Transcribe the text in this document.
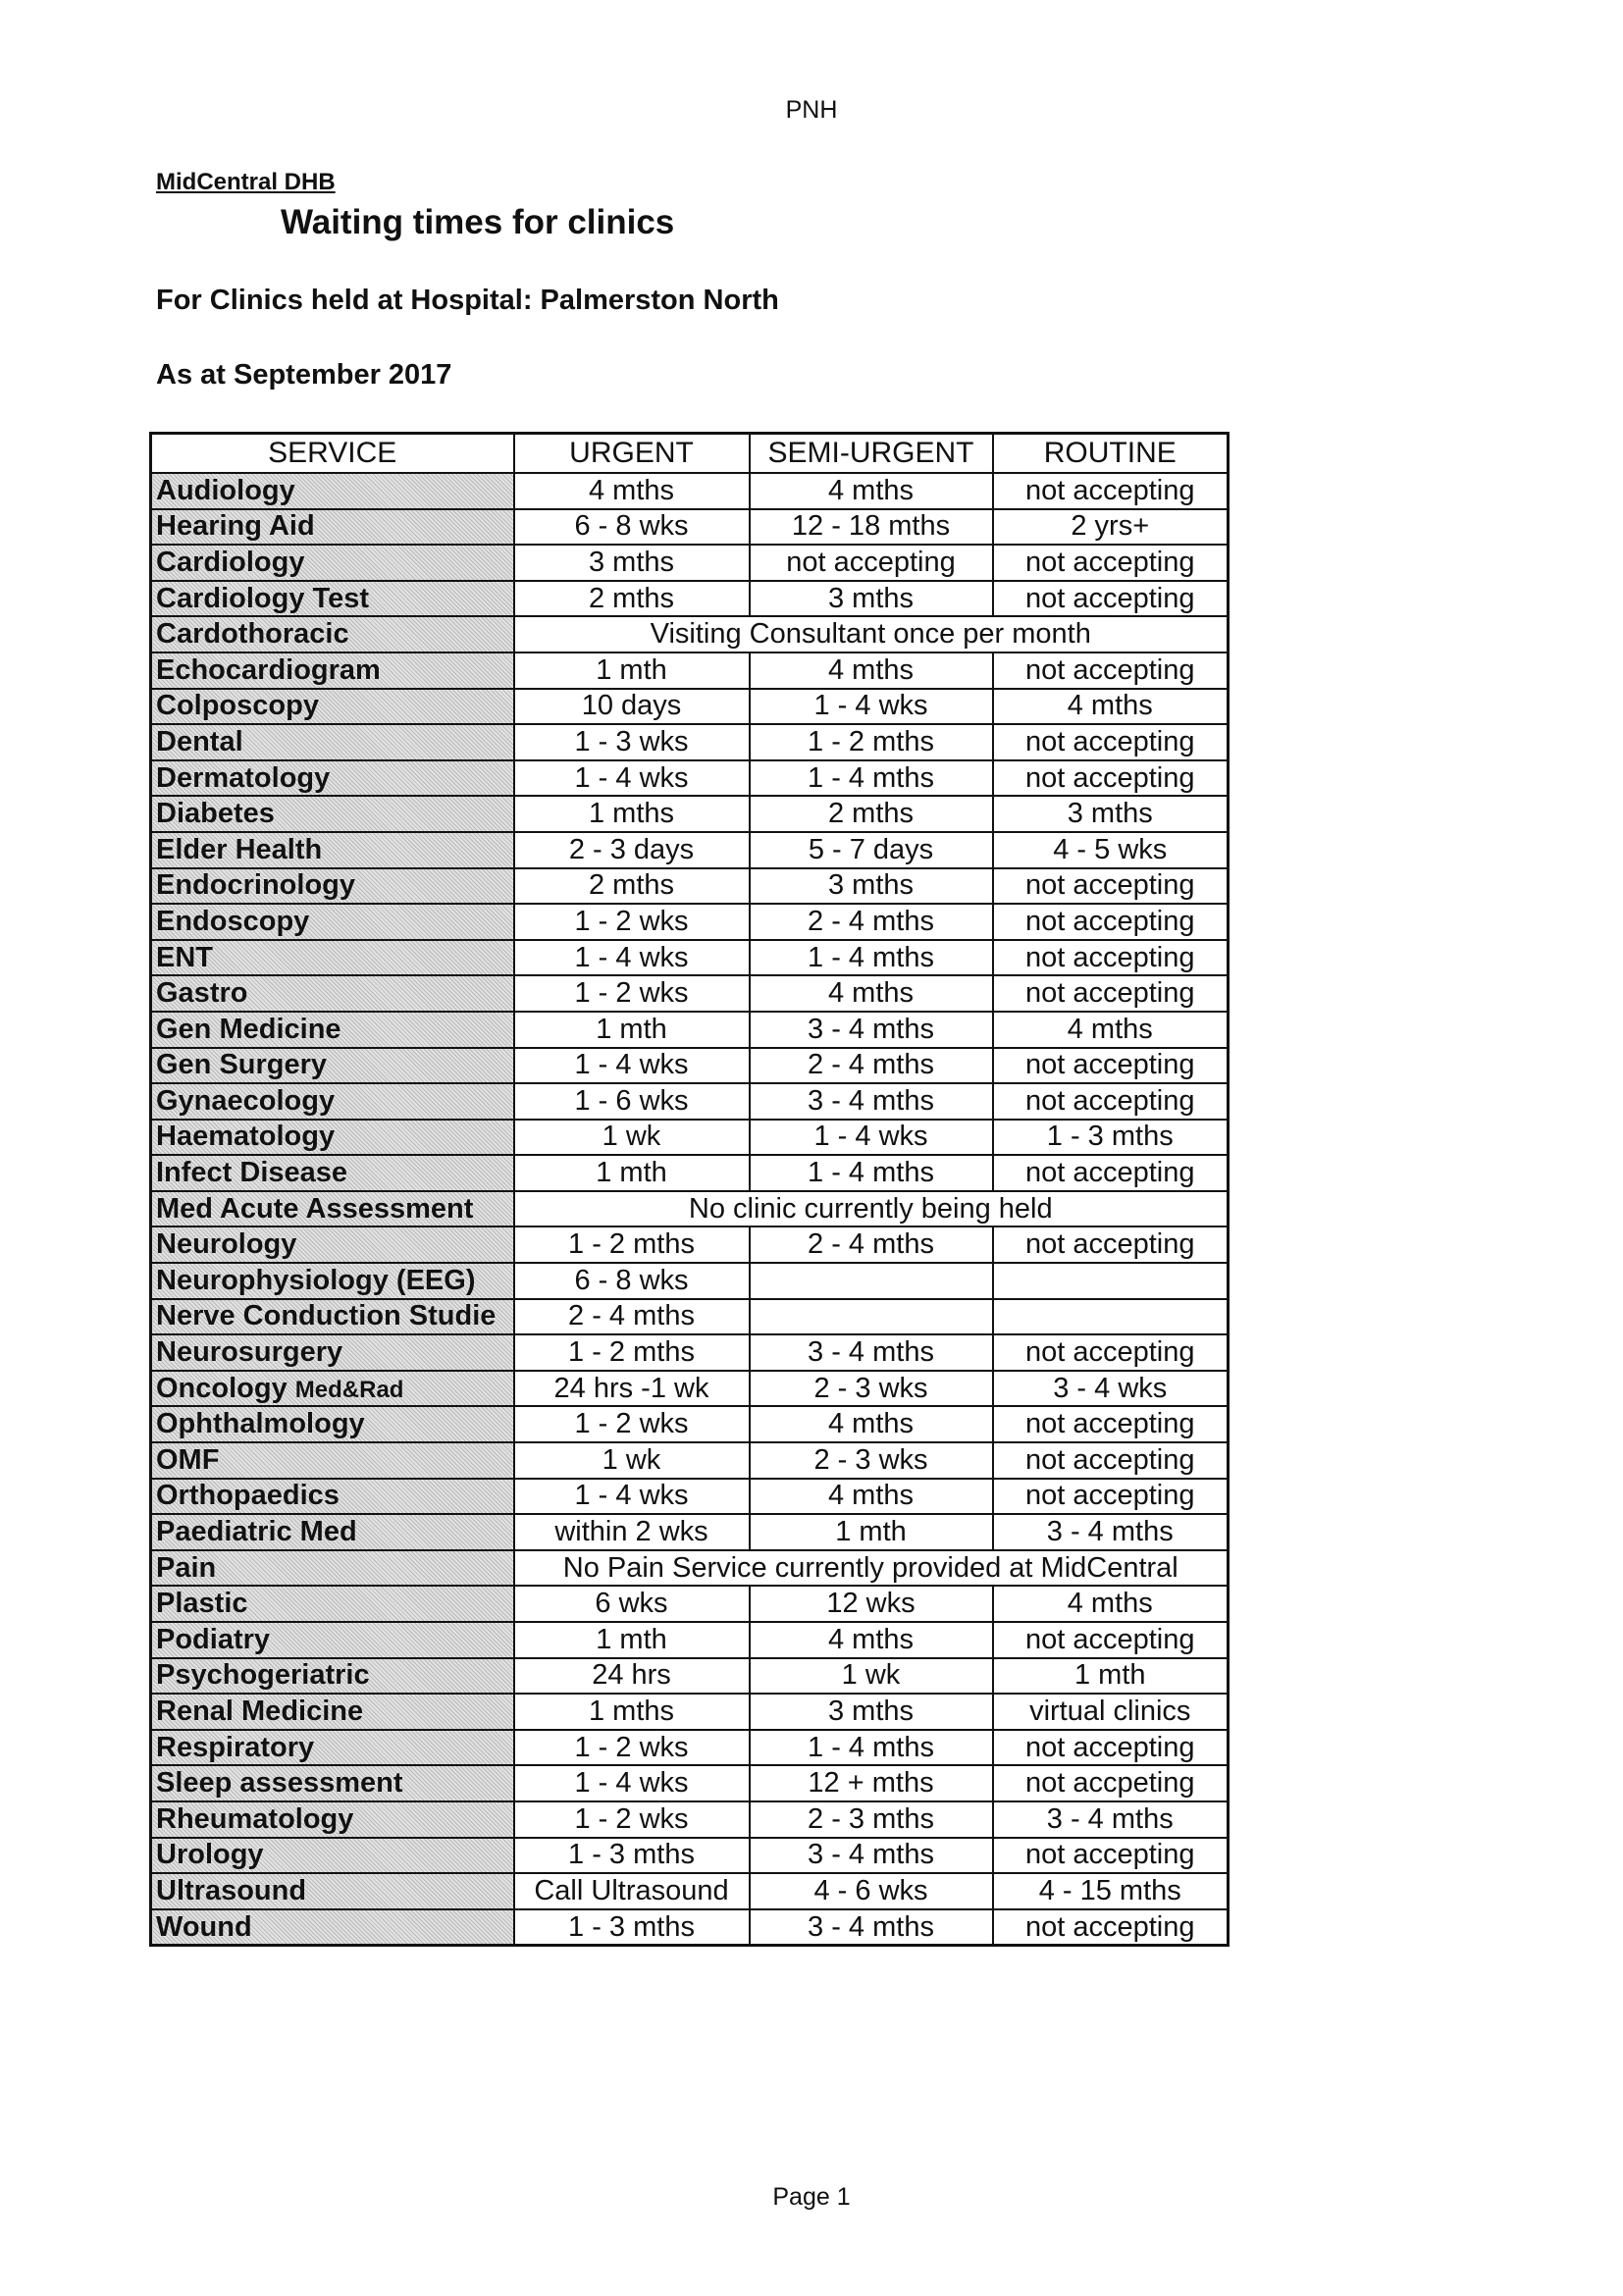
PNH
MidCentral DHB
Waiting times for clinics
For Clinics held at Hospital: Palmerston North
As at September 2017
SERVICE	URGENT	SEMI-URGENT	ROUTINE
Audiology	4 mths	4 mths	not accepting
Hearing Aid	6 - 8 wks	12 - 18 mths	2 yrs+
Cardiology	3 mths	not accepting	not accepting
Cardiology Test	2 mths	3 mths	not accepting
Cardothoracic	Visiting Consultant once per month		
Echocardiogram	1 mth	4 mths	not accepting
Colposcopy	10 days	1 - 4 wks	4 mths
Dental	1 - 3 wks	1 - 2 mths	not accepting
Dermatology	1 - 4 wks	1 - 4 mths	not accepting
Diabetes	1 mths	2 mths	3 mths
Elder Health	2 - 3 days	5 - 7 days	4 - 5 wks
Endocrinology	2 mths	3 mths	not accepting
Endoscopy	1 - 2 wks	2 - 4 mths	not accepting
ENT	1 - 4 wks	1 - 4 mths	not accepting
Gastro	1 - 2 wks	4 mths	not accepting
Gen Medicine	1 mth	3 - 4 mths	4 mths
Gen Surgery	1 - 4 wks	2 - 4 mths	not accepting
Gynaecology	1 - 6 wks	3 - 4 mths	not accepting
Haematology	1 wk	1 - 4 wks	1 - 3 mths
Infect Disease	1 mth	1 - 4 mths	not accepting
Med Acute Assessment	No clinic currently being held		
Neurology	1 - 2 mths	2 - 4 mths	not accepting
Neurophysiology (EEG)	6 - 8 wks		
Nerve Conduction Studie	2 - 4 mths		
Neurosurgery	1 - 2 mths	3 - 4 mths	not accepting
Oncology Med&Rad	24 hrs -1 wk	2 - 3 wks	3 - 4 wks
Ophthalmology	1 - 2 wks	4 mths	not accepting
OMF	1 wk	2 - 3 wks	not accepting
Orthopaedics	1 - 4 wks	4 mths	not accepting
Paediatric Med	within 2 wks	1 mth	3 - 4 mths
Pain	No Pain Service currently provided at MidCentral		
Plastic	6 wks	12 wks	4 mths
Podiatry	1 mth	4 mths	not accepting
Psychogeriatric	24 hrs	1 wk	1 mth
Renal Medicine	1 mths	3 mths	virtual clinics
Respiratory	1 - 2 wks	1 - 4 mths	not accepting
Sleep assessment	1 - 4 wks	12 + mths	not accpeting
Rheumatology	1 - 2 wks	2 - 3 mths	3 - 4 mths
Urology	1 - 3 mths	3 - 4 mths	not accepting
Ultrasound	Call Ultrasound	4 - 6 wks	4 - 15 mths
Wound	1 - 3 mths	3 - 4 mths	not accepting
Page 1
